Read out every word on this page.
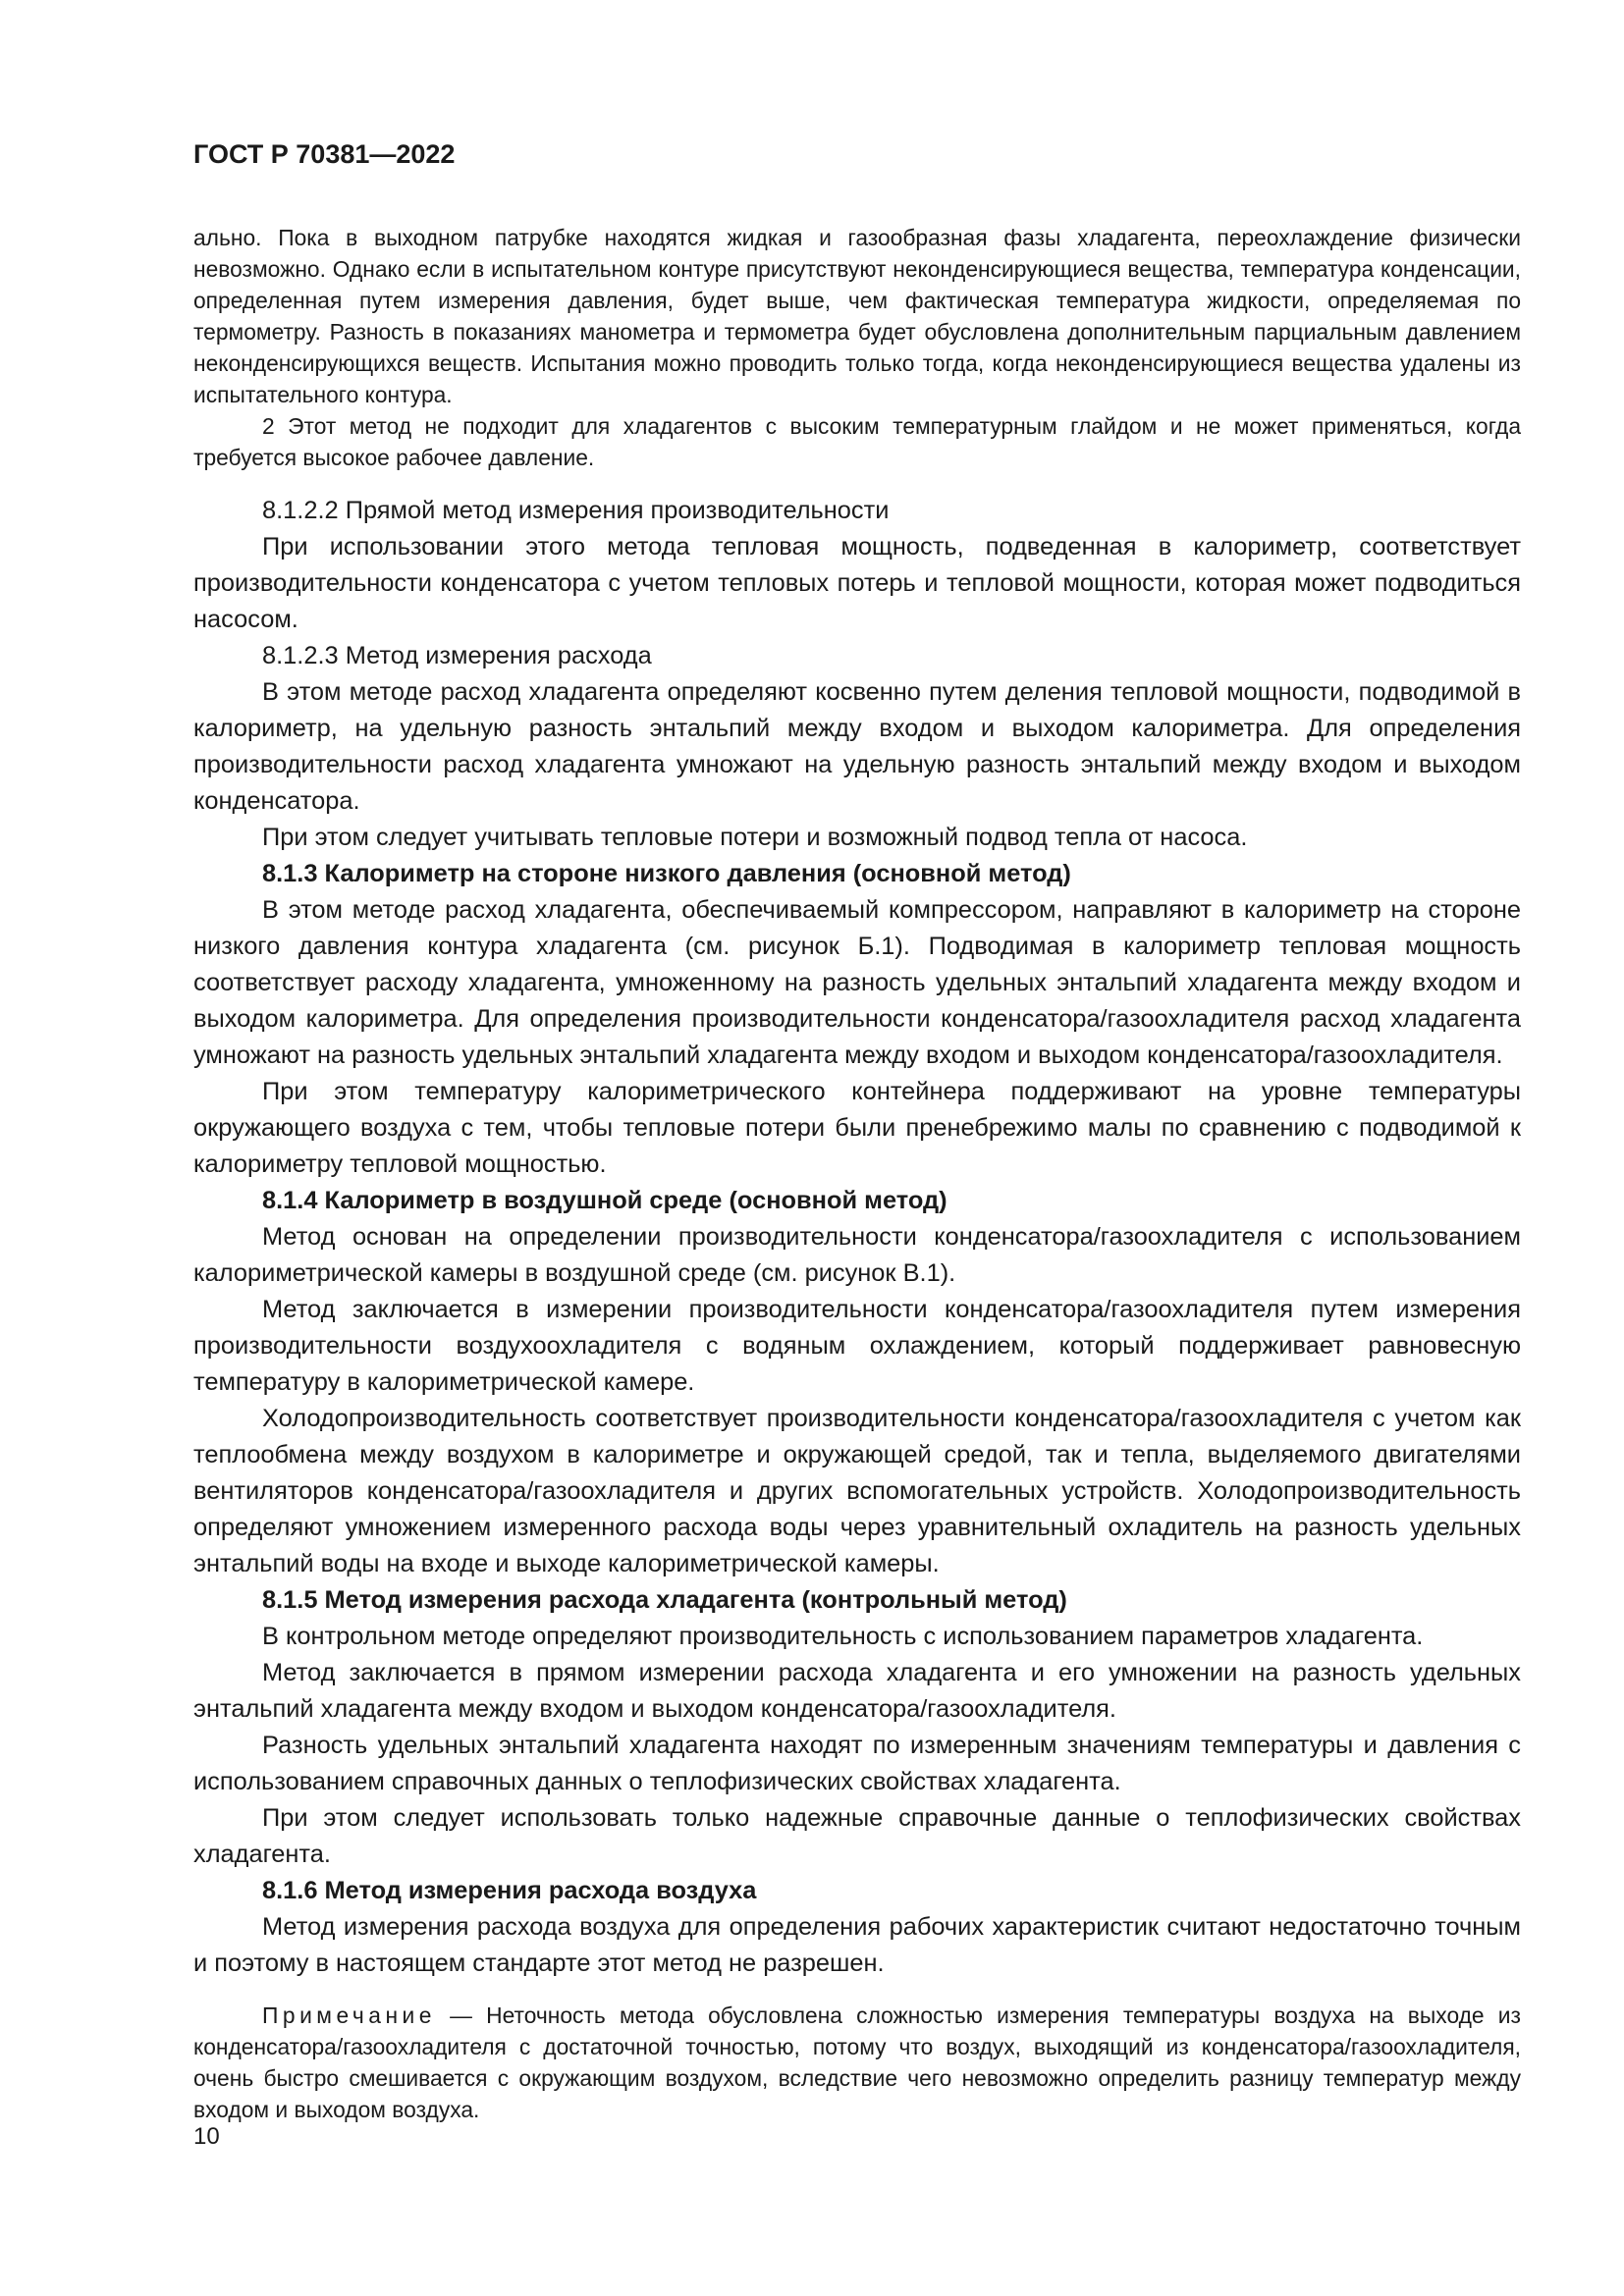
ГОСТ Р 70381—2022

ально. Пока в выходном патрубке находятся жидкая и газообразная фазы хладагента, переохлаждение физически невозможно. Однако если в испытательном контуре присутствуют неконденсирующиеся вещества, температура конденсации, определенная путем измерения давления, будет выше, чем фактическая температура жидкости, определяемая по термометру. Разность в показаниях манометра и термометра будет обусловлена дополнительным парциальным давлением неконденсирующихся веществ. Испытания можно проводить только тогда, когда неконденсирующиеся вещества удалены из испытательного контура.

2 Этот метод не подходит для хладагентов с высоким температурным глайдом и не может применяться, когда требуется высокое рабочее давление.

8.1.2.2 Прямой метод измерения производительности

При использовании этого метода тепловая мощность, подведенная в калориметр, соответствует производительности конденсатора с учетом тепловых потерь и тепловой мощности, которая может подводиться насосом.

8.1.2.3 Метод измерения расхода

В этом методе расход хладагента определяют косвенно путем деления тепловой мощности, подводимой в калориметр, на удельную разность энтальпий между входом и выходом калориметра. Для определения производительности расход хладагента умножают на удельную разность энтальпий между входом и выходом конденсатора.

При этом следует учитывать тепловые потери и возможный подвод тепла от насоса.

8.1.3 Калориметр на стороне низкого давления (основной метод)

В этом методе расход хладагента, обеспечиваемый компрессором, направляют в калориметр на стороне низкого давления контура хладагента (см. рисунок Б.1). Подводимая в калориметр тепловая мощность соответствует расходу хладагента, умноженному на разность удельных энтальпий хладагента между входом и выходом калориметра. Для определения производительности конденсатора/газоохладителя расход хладагента умножают на разность удельных энтальпий хладагента между входом и выходом конденсатора/газоохладителя.

При этом температуру калориметрического контейнера поддерживают на уровне температуры окружающего воздуха с тем, чтобы тепловые потери были пренебрежимо малы по сравнению с подводимой к калориметру тепловой мощностью.

8.1.4 Калориметр в воздушной среде (основной метод)

Метод основан на определении производительности конденсатора/газоохладителя с использованием калориметрической камеры в воздушной среде (см. рисунок В.1).

Метод заключается в измерении производительности конденсатора/газоохладителя путем измерения производительности воздухоохладителя с водяным охлаждением, который поддерживает равновесную температуру в калориметрической камере.

Холодопроизводительность соответствует производительности конденсатора/газоохладителя с учетом как теплообмена между воздухом в калориметре и окружающей средой, так и тепла, выделяемого двигателями вентиляторов конденсатора/газоохладителя и других вспомогательных устройств. Холодопроизводительность определяют умножением измеренного расхода воды через уравнительный охладитель на разность удельных энтальпий воды на входе и выходе калориметрической камеры.

8.1.5 Метод измерения расхода хладагента (контрольный метод)

В контрольном методе определяют производительность с использованием параметров хладагента.

Метод заключается в прямом измерении расхода хладагента и его умножении на разность удельных энтальпий хладагента между входом и выходом конденсатора/газоохладителя.

Разность удельных энтальпий хладагента находят по измеренным значениям температуры и давления с использованием справочных данных о теплофизических свойствах хладагента.

При этом следует использовать только надежные справочные данные о теплофизических свойствах хладагента.

8.1.6 Метод измерения расхода воздуха

Метод измерения расхода воздуха для определения рабочих характеристик считают недостаточно точным и поэтому в настоящем стандарте этот метод не разрешен.

Примечание — Неточность метода обусловлена сложностью измерения температуры воздуха на выходе из конденсатора/газоохладителя с достаточной точностью, потому что воздух, выходящий из конденсатора/газоохладителя, очень быстро смешивается с окружающим воздухом, вследствие чего невозможно определить разницу температур между входом и выходом воздуха.

10
